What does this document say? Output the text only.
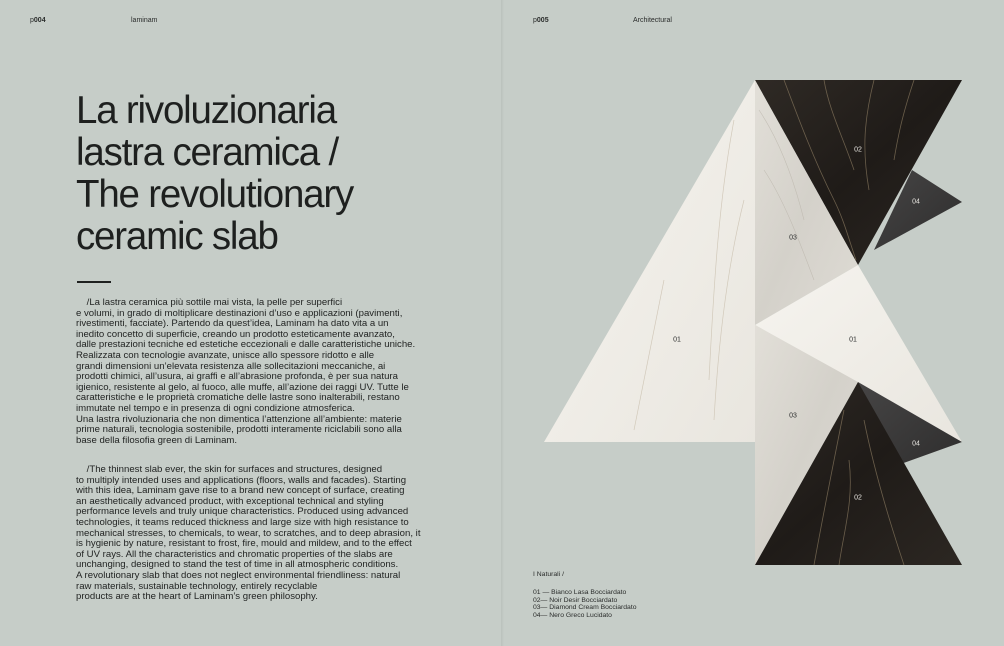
p004	laminam	p005	Architectural
La rivoluzionaria
lastra ceramica /
The revolutionary
ceramic slab
/La lastra ceramica più sottile mai vista, la pelle per superfici
e volumi, in grado di moltiplicare destinazioni d’uso e applicazioni (pavimenti,
rivestimenti, facciate). Partendo da quest’idea, Laminam ha dato vita a un
inedito concetto di superficie, creando un prodotto esteticamente avanzato,
dalle prestazioni tecniche ed estetiche eccezionali e dalle caratteristiche uniche.
Realizzata con tecnologie avanzate, unisce allo spessore ridotto e alle
grandi dimensioni un’elevata resistenza alle sollecitazioni meccaniche, ai
prodotti chimici, all’usura, ai graffi e all’abrasione profonda, è per sua natura
igienico, resistente al gelo, al fuoco, alle muffe, all’azione dei raggi UV. Tutte le
caratteristiche e le proprietà cromatiche delle lastre sono inalterabili, restano
immutate nel tempo e in presenza di ogni condizione atmosferica.
Una lastra rivoluzionaria che non dimentica l’attenzione all’ambiente: materie
prime naturali, tecnologia sostenibile, prodotti interamente riciclabili sono alla
base della filosofia green di Laminam.
/The thinnest slab ever, the skin for surfaces and structures, designed
to multiply intended uses and applications (floors, walls and facades). Starting
with this idea, Laminam gave rise to a brand new concept of surface, creating
an aesthetically advanced product, with exceptional technical and styling
performance levels and truly unique characteristics. Produced using advanced
technologies, it teams reduced thickness and large size with high resistance to
mechanical stresses, to chemicals, to wear, to scratches, and to deep abrasion, it
is hygienic by nature, resistant to frost, fire, mould and mildew, and to the effect
of UV rays. All the characteristics and chromatic properties of the slabs are
unchanging, designed to stand the test of time in all atmospheric conditions.
A revolutionary slab that does not neglect environmental friendliness: natural
raw materials, sustainable technology, entirely recyclable
products are at the heart of Laminam’s green philosophy.
02
04
03
01	01
03
04
02
I Naturali /
01 — Bianco Lasa Bocciardato
02— Noir Desir Bocciardato
03— Diamond Cream Bocciardato
04— Nero Greco Lucidato
